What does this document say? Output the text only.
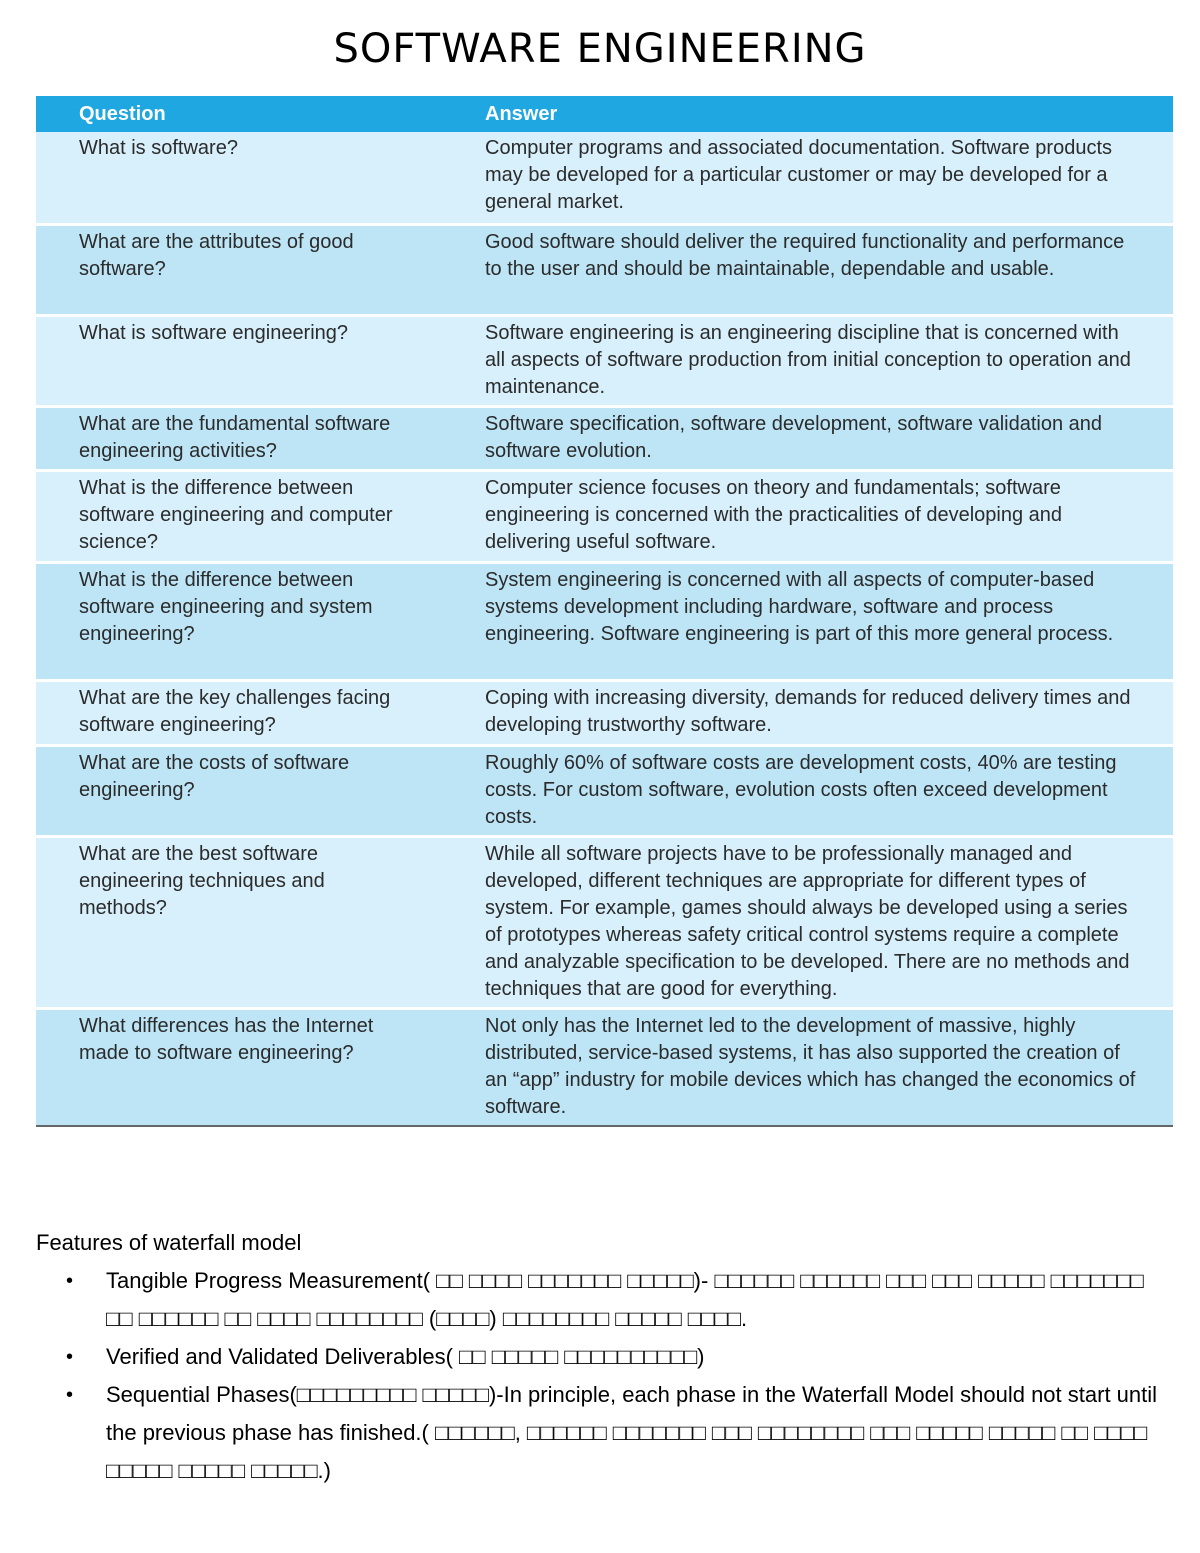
SOFTWARE ENGINEERING
Question	Answer
What is software?	Computer programs and associated documentation. Software products may be developed for a particular customer or may be developed for a general market.
What are the attributes of good software?	Good software should deliver the required functionality and performance to the user and should be maintainable, dependable and usable.
What is software engineering?	Software engineering is an engineering discipline that is concerned with all aspects of software production from initial conception to operation and maintenance.
What are the fundamental software engineering activities?	Software specification, software development, software validation and software evolution.
What is the difference between software engineering and computer science?	Computer science focuses on theory and fundamentals; software engineering is concerned with the practicalities of developing and delivering useful software.
What is the difference between software engineering and system engineering?	System engineering is concerned with all aspects of computer-based systems development including hardware, software and process engineering. Software engineering is part of this more general process.
What are the key challenges facing software engineering?	Coping with increasing diversity, demands for reduced delivery times and developing trustworthy software.
What are the costs of software engineering?	Roughly 60% of software costs are development costs, 40% are testing costs. For custom software, evolution costs often exceed development costs.
What are the best software engineering techniques and methods?	While all software projects have to be professionally managed and developed, different techniques are appropriate for different types of system. For example, games should always be developed using a series of prototypes whereas safety critical control systems require a complete and analyzable specification to be developed. There are no methods and techniques that are good for everything.
What differences has the Internet made to software engineering?	Not only has the Internet led to the development of massive, highly distributed, service-based systems, it has also supported the creation of an “app” industry for mobile devices which has changed the economics of software.
Features of waterfall model
• Tangible Progress Measurement( □□ □□□□ □□□□□□□ □□□□□)- □□□□□□ □□□□□□ □□□ □□□ □□□□□ □□□□□□□ □□ □□□□□□ □□ □□□□ □□□□□□□□ (□□□□) □□□□□□□□ □□□□□ □□□□.
• Verified and Validated Deliverables( □□ □□□□□ □□□□□□□□□□)
• Sequential Phases(□□□□□□□□□ □□□□□)-In principle, each phase in the Waterfall Model should not start until the previous phase has finished.( □□□□□□, □□□□□□ □□□□□□□ □□□ □□□□□□□□ □□□ □□□□□ □□□□□ □□ □□□□ □□□□□ □□□□□ □□□□□.)
